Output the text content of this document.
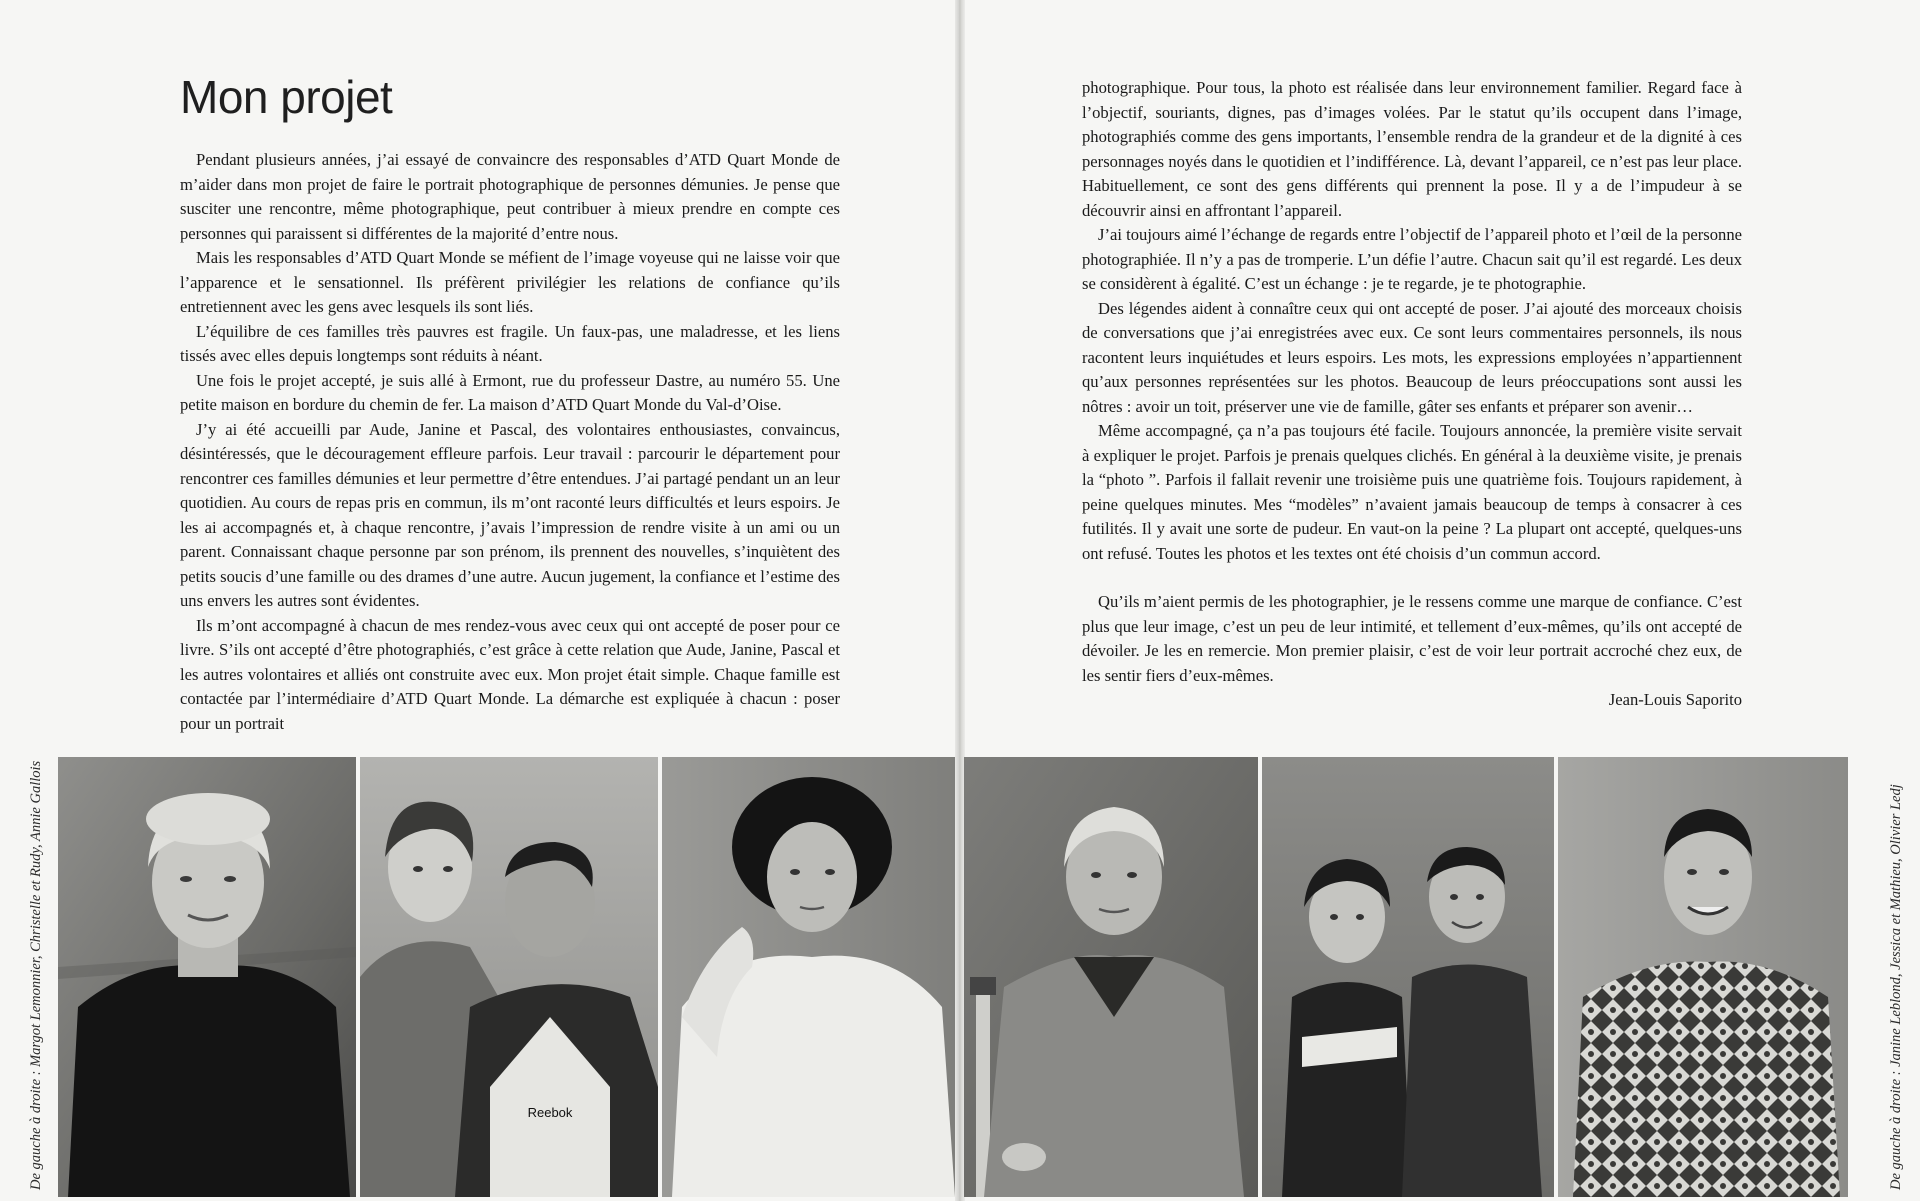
Mon projet

Pendant plusieurs années, j’ai essayé de convaincre des responsables d’ATD Quart Monde de m’aider dans mon projet de faire le portrait photographique de personnes démunies. Je pense que susciter une rencontre, même photographique, peut contribuer à mieux prendre en compte ces personnes qui paraissent si différentes de la majorité d’entre nous.

Mais les responsables d’ATD Quart Monde se méfient de l’image voyeuse qui ne laisse voir que l’apparence et le sensationnel. Ils préfèrent privilégier les relations de confiance qu’ils entretiennent avec les gens avec lesquels ils sont liés.

L’équilibre de ces familles très pauvres est fragile. Un faux-pas, une maladresse, et les liens tissés avec elles depuis longtemps sont réduits à néant.

Une fois le projet accepté, je suis allé à Ermont, rue du professeur Dastre, au numéro 55. Une petite maison en bordure du chemin de fer. La maison d’ATD Quart Monde du Val-d’Oise.

J’y ai été accueilli par Aude, Janine et Pascal, des volontaires enthousiastes, convaincus, désintéressés, que le découragement effleure parfois. Leur travail : parcourir le département pour rencontrer ces familles démunies et leur permettre d’être entendues. J’ai partagé pendant un an leur quotidien. Au cours de repas pris en commun, ils m’ont raconté leurs difficultés et leurs espoirs. Je les ai accompagnés et, à chaque rencontre, j’avais l’impression de rendre visite à un ami ou un parent. Connaissant chaque personne par son prénom, ils prennent des nouvelles, s’inquiètent des petits soucis d’une famille ou des drames d’une autre. Aucun jugement, la confiance et l’estime des uns envers les autres sont évidentes.

Ils m’ont accompagné à chacun de mes rendez-vous avec ceux qui ont accepté de poser pour ce livre. S’ils ont accepté d’être photographiés, c’est grâce à cette relation que Aude, Janine, Pascal et les autres volontaires et alliés ont construite avec eux. Mon projet était simple. Chaque famille est contactée par l’intermédiaire d’ATD Quart Monde. La démarche est expliquée à chacun : poser pour un portrait

photographique. Pour tous, la photo est réalisée dans leur environnement familier. Regard face à l’objectif, souriants, dignes, pas d’images volées. Par le statut qu’ils occupent dans l’image, photographiés comme des gens importants, l’ensemble rendra de la grandeur et de la dignité à ces personnages noyés dans le quotidien et l’indifférence. Là, devant l’appareil, ce n’est pas leur place. Habituellement, ce sont des gens différents qui prennent la pose. Il y a de l’impudeur à se découvrir ainsi en affrontant l’appareil.

J’ai toujours aimé l’échange de regards entre l’objectif de l’appareil photo et l’œil de la personne photographiée. Il n’y a pas de tromperie. L’un défie l’autre. Chacun sait qu’il est regardé. Les deux se considèrent à égalité. C’est un échange : je te regarde, je te photographie.

Des légendes aident à connaître ceux qui ont accepté de poser. J’ai ajouté des morceaux choisis de conversations que j’ai enregistrées avec eux. Ce sont leurs commentaires personnels, ils nous racontent leurs inquiétudes et leurs espoirs. Les mots, les expressions employées n’appartiennent qu’aux personnes représentées sur les photos. Beaucoup de leurs préoccupations sont aussi les nôtres : avoir un toit, préserver une vie de famille, gâter ses enfants et préparer son avenir…

Même accompagné, ça n’a pas toujours été facile. Toujours annoncée, la première visite servait à expliquer le projet. Parfois je prenais quelques clichés. En général à la deuxième visite, je prenais la “photo ”. Parfois il fallait revenir une troisième puis une quatrième fois. Toujours rapidement, à peine quelques minutes. Mes “modèles” n’avaient jamais beaucoup de temps à consacrer à ces futilités. Il y avait une sorte de pudeur. En vaut-on la peine ? La plupart ont accepté, quelques-uns ont refusé. Toutes les photos et les textes ont été choisis d’un commun accord.

Qu’ils m’aient permis de les photographier, je le ressens comme une marque de confiance. C’est plus que leur image, c’est un peu de leur intimité, et tellement d’eux-mêmes, qu’ils ont accepté de dévoiler. Je les en remercie. Mon premier plaisir, c’est de voir leur portrait accroché chez eux, de les sentir fiers d’eux-mêmes.

Jean-Louis Saporito

De gauche à droite : Margot Lemonnier, Christelle et Rudy, Annie Gallois	De gauche à droite : Janine Leblond, Jessica et Mathieu, Olivier Ledj
Reebok
